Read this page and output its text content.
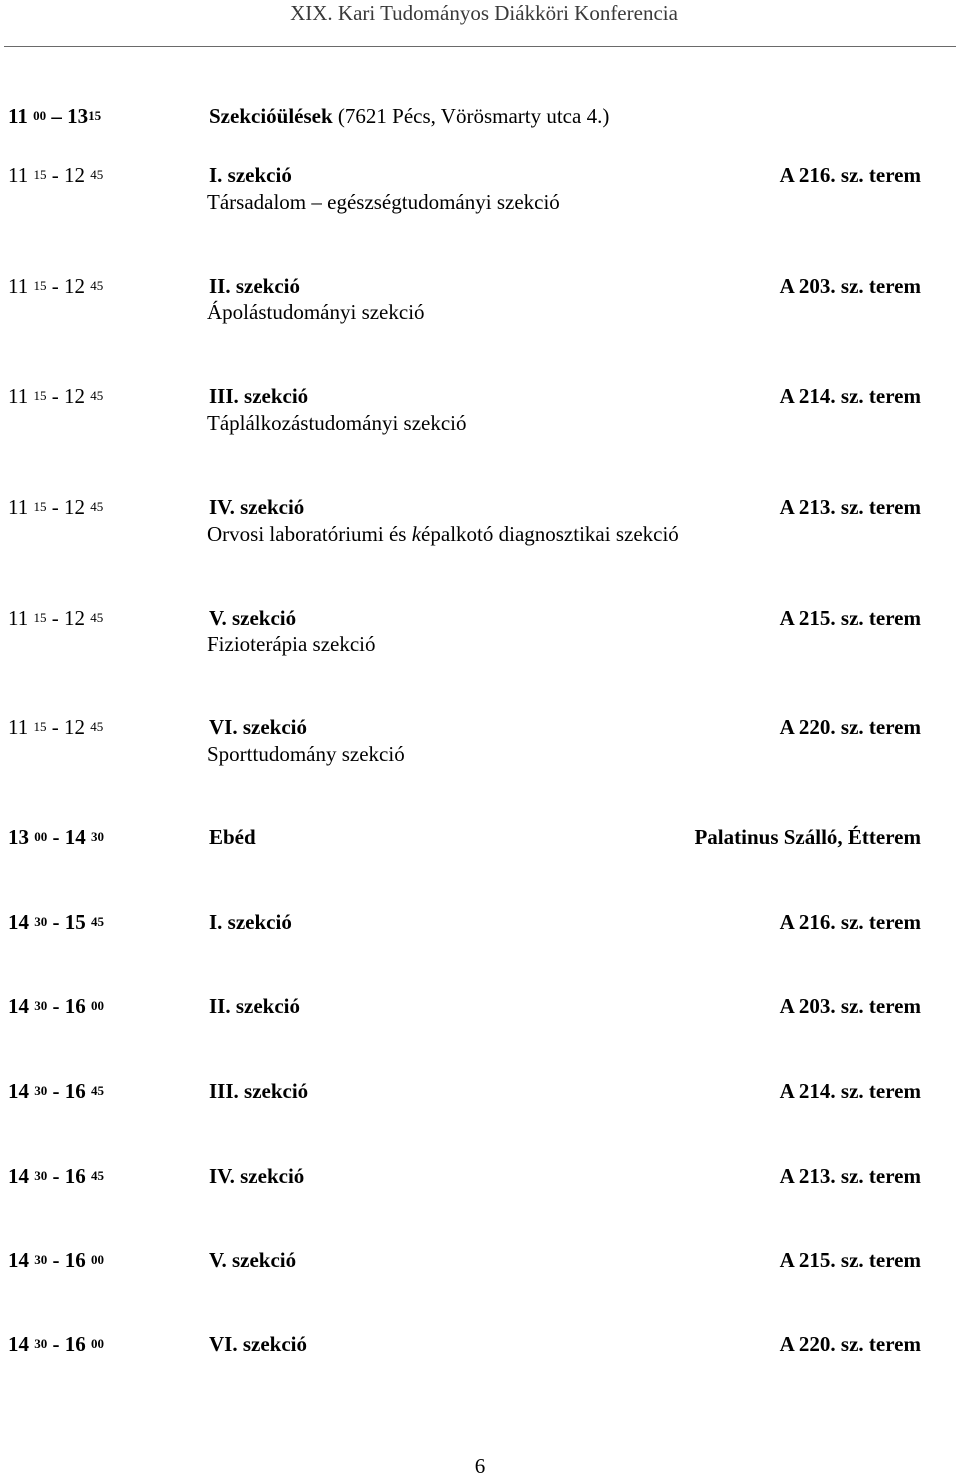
XIX. Kari Tudományos Diákköri Konferencia
11 $^{00} - 13^{15}$	Szekcióülések (7621 Pécs, Vörösmarty utca 4.)
11 $^{15}$ - 12 $^{45}$	I. szekció	A 216. sz. terem
Társadalom – egészségtudományi szekció
11 $^{15}$ - 12 $^{45}$	II. szekció	A 203. sz. terem
Ápolástudományi szekció
11 $^{15}$ - 12 $^{45}$	III. szekció	A 214. sz. terem
Táplálkozástudományi szekció
11 $^{15}$ - 12 $^{45}$	IV. szekció	A 213. sz. terem
Orvosi laboratóriumi és képalkotó diagnosztikai szekció
11 $^{15}$ - 12 $^{45}$	V. szekció	A 215. sz. terem
Fizioterápia szekció
11 $^{15}$ - 12 $^{45}$	VI. szekció	A 220. sz. terem
Sporttudomány szekció
13 $^{00}$ - 14 $^{30}$	Ebéd	Palatinus Szálló, Étterem
14 $^{30}$ - 15 $^{45}$	I. szekció	A 216. sz. terem
14 $^{30}$ - 16 $^{00}$	II. szekció	A 203. sz. terem
14 $^{30}$ - 16 $^{45}$	III. szekció	A 214. sz. terem
14 $^{30}$ - 16 $^{45}$	IV. szekció	A 213. sz. terem
14 $^{30}$ - 16 $^{00}$	V. szekció	A 215. sz. terem
14 $^{30}$ - 16 $^{00}$	VI. szekció	A 220. sz. terem
6
